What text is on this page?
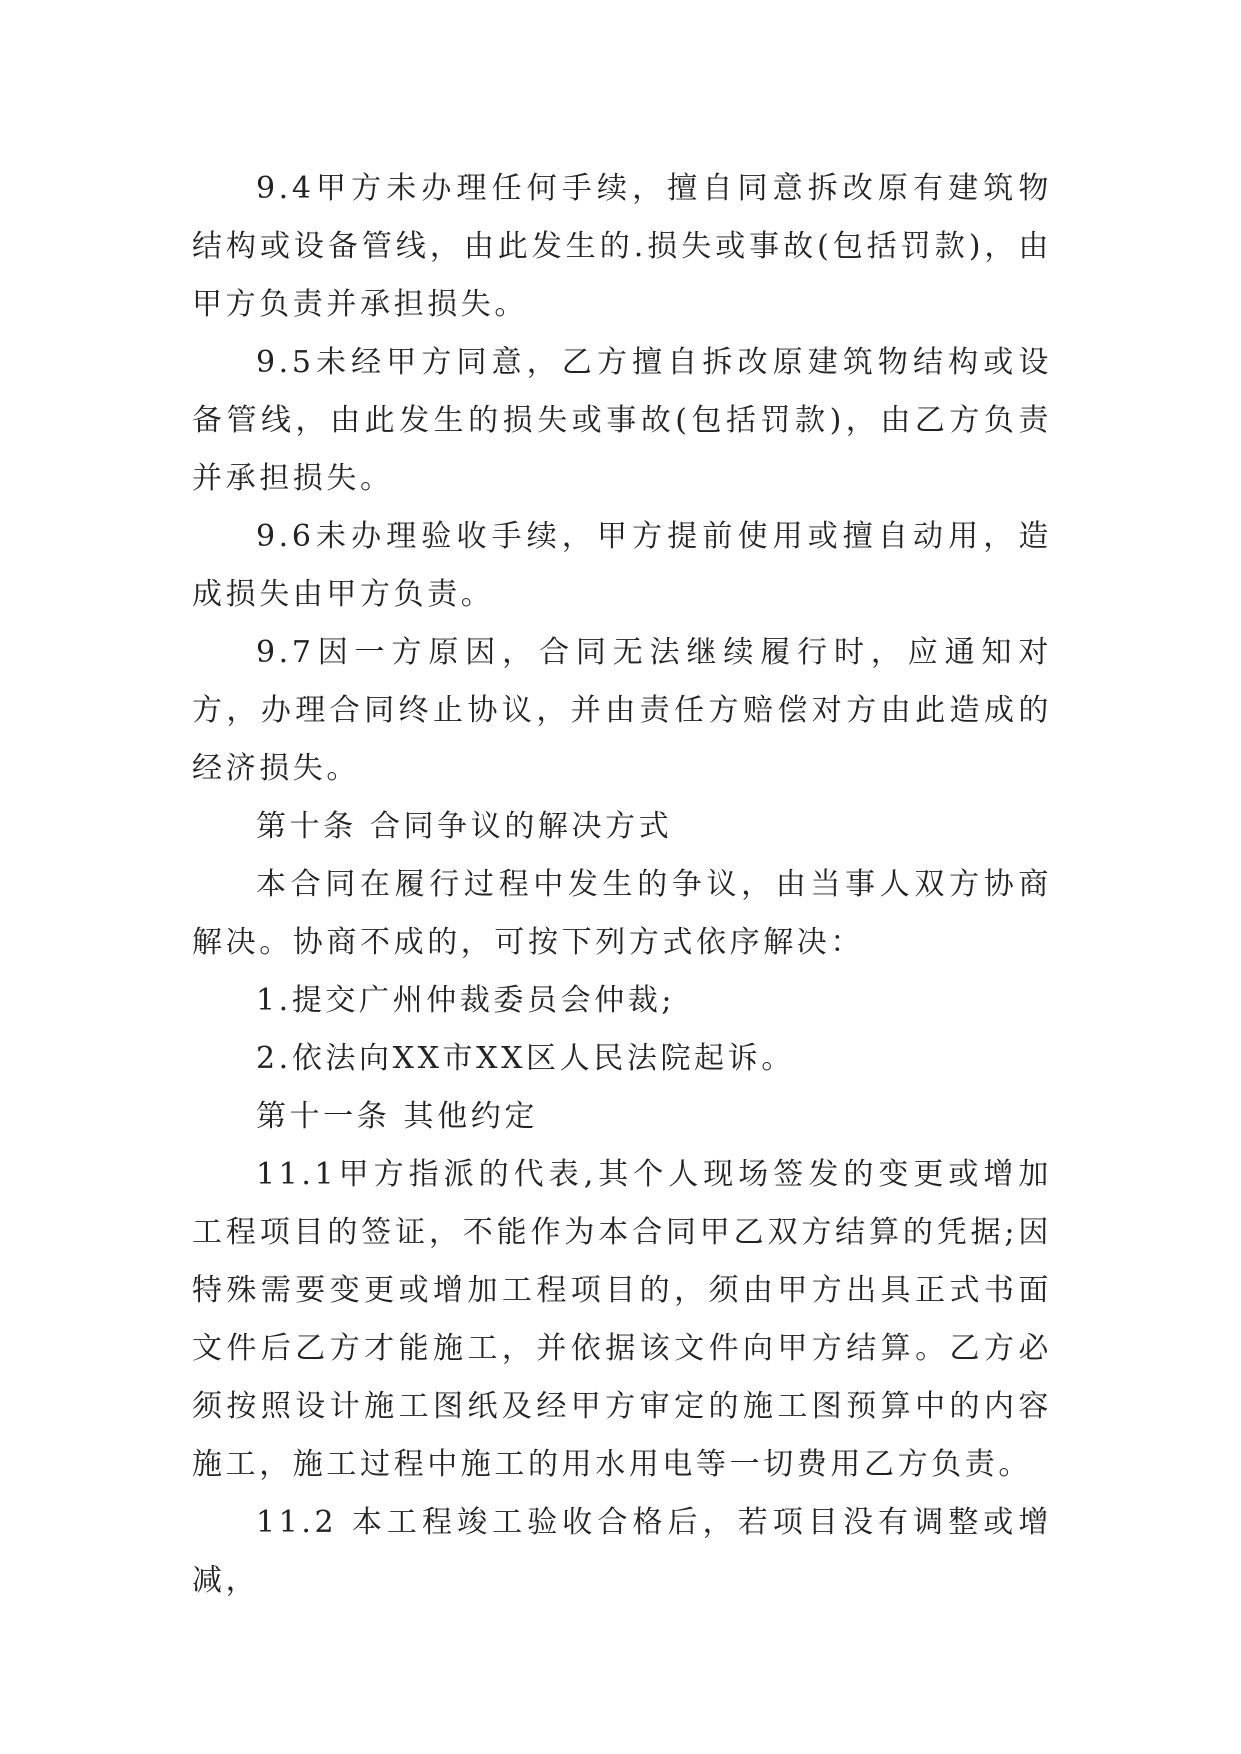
9.4甲方未办理任何手续，擅自同意拆改原有建筑物结构或设备管线，由此发生的.损失或事故(包括罚款)，由甲方负责并承担损失。

9.5未经甲方同意，乙方擅自拆改原建筑物结构或设备管线，由此发生的损失或事故(包括罚款)，由乙方负责并承担损失。

9.6未办理验收手续，甲方提前使用或擅自动用，造成损失由甲方负责。

9.7因一方原因，合同无法继续履行时，应通知对方，办理合同终止协议，并由责任方赔偿对方由此造成的经济损失。

第十条 合同争议的解决方式

本合同在履行过程中发生的争议，由当事人双方协商解决。协商不成的，可按下列方式依序解决：

1.提交广州仲裁委员会仲裁;

2.依法向XX市XX区人民法院起诉。

第十一条 其他约定

11.1甲方指派的代表,其个人现场签发的变更或增加工程项目的签证，不能作为本合同甲乙双方结算的凭据;因特殊需要变更或增加工程项目的，须由甲方出具正式书面文件后乙方才能施工，并依据该文件向甲方结算。乙方必须按照设计施工图纸及经甲方审定的施工图预算中的内容施工，施工过程中施工的用水用电等一切费用乙方负责。

11.2 本工程竣工验收合格后，若项目没有调整或增减，
